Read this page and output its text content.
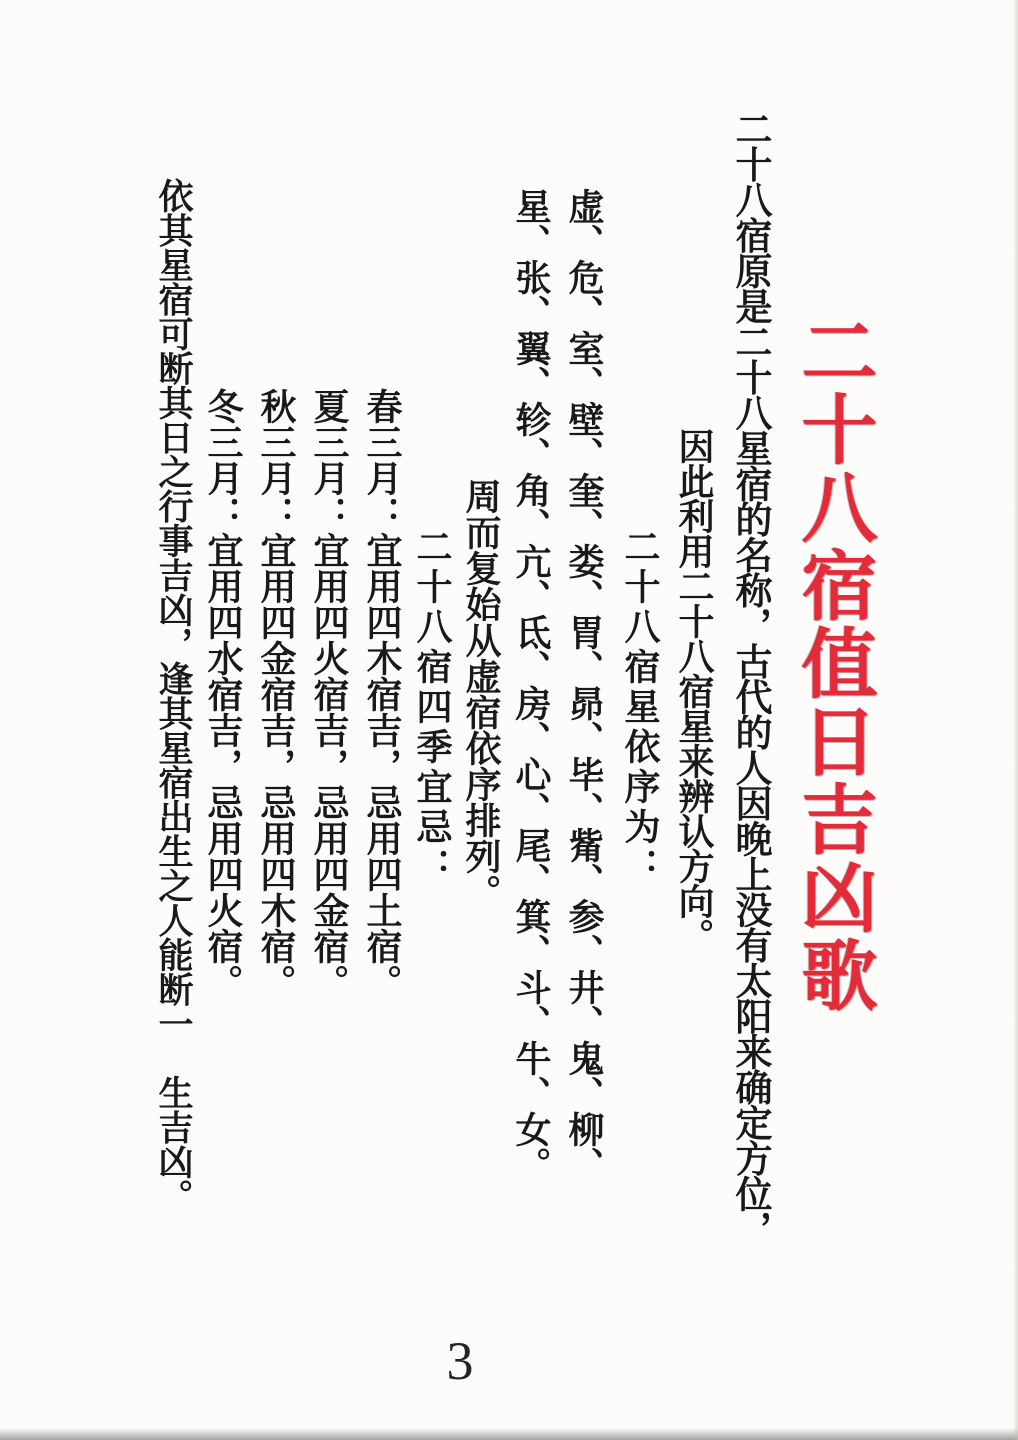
二十八宿值日吉凶歌
二十八宿原是二十八星宿的名称，古代的人因晚上没有太阳来确定方位，
因此利用二十八宿星来辨认方向。
二十八宿星依序为：
虚、危、室、壁、奎、娄、胃、昴、毕、觜、参、井、鬼、柳、
星、张、翼、轸、角、亢、氐、房、心、尾、箕、斗、牛、女。
周而复始从虚宿依序排列。
二十八宿四季宜忌：
春三月：宜用四木宿吉，忌用四土宿。
夏三月：宜用四火宿吉，忌用四金宿。
秋三月：宜用四金宿吉，忌用四木宿。
冬三月：宜用四水宿吉，忌用四火宿。
依其星宿可断其日之行事吉凶，逢其星宿出生之人能断一　生吉凶。
3
